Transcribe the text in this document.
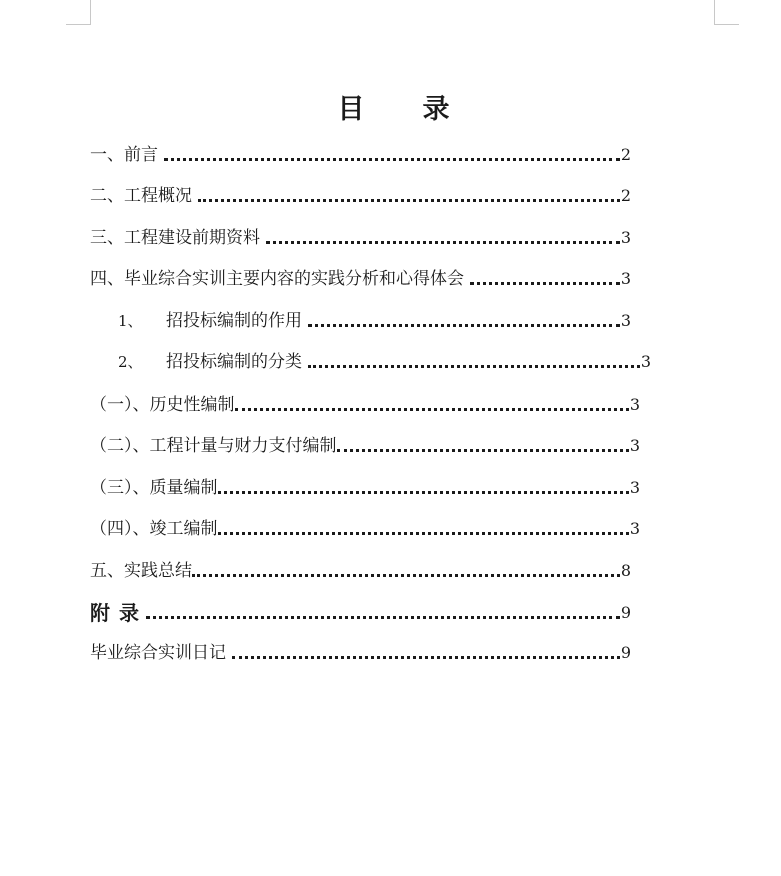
目 录
一、前言	2
二、工程概况	2
三、工程建设前期资料	3
四、毕业综合实训主要内容的实践分析和心得体会	3
1、 招投标编制的作用	3
2、 招投标编制的分类	3
（一）、历史性编制	3
（二）、工程计量与财力支付编制	3
（三）、质量编制	3
（四）、竣工编制	3
五、实践总结	8
附 录	9
毕业综合实训日记	9
